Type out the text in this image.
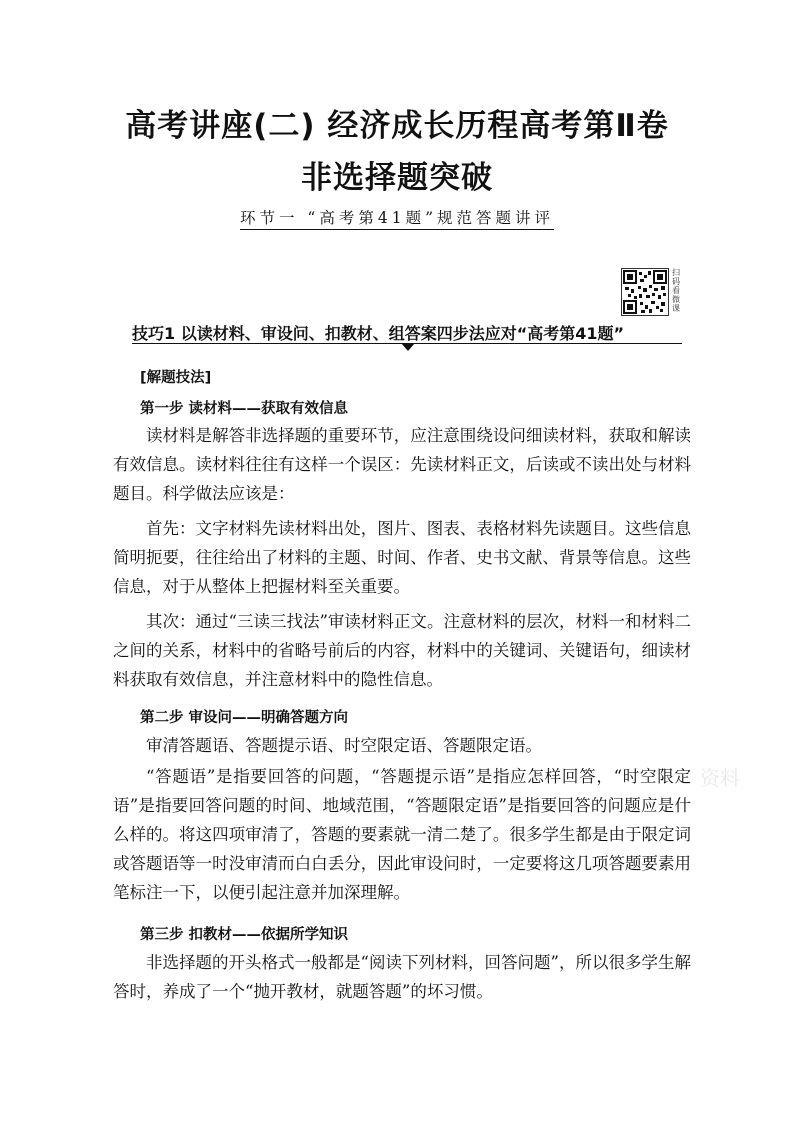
高考讲座(二) 经济成长历程高考第Ⅱ卷
非选择题突破
环节一 “高考第41题”规范答题讲评
扫码看微课
技巧1 以读材料、审设问、扣教材、组答案四步法应对“高考第41题”
[解题技法]
第一步 读材料——获取有效信息
读材料是解答非选择题的重要环节，应注意围绕设问细读材料，获取和解读有效信息。读材料往往有这样一个误区：先读材料正文，后读或不读出处与材料题目。科学做法应该是：
首先：文字材料先读材料出处，图片、图表、表格材料先读题目。这些信息简明扼要，往往给出了材料的主题、时间、作者、史书文献、背景等信息。这些信息，对于从整体上把握材料至关重要。
其次：通过“三读三找法”审读材料正文。注意材料的层次，材料一和材料二之间的关系，材料中的省略号前后的内容，材料中的关键词、关键语句，细读材料获取有效信息，并注意材料中的隐性信息。
第二步 审设问——明确答题方向
审清答题语、答题提示语、时空限定语、答题限定语。
“答题语”是指要回答的问题，“答题提示语”是指应怎样回答，“时空限定语”是指要回答问题的时间、地域范围，“答题限定语”是指要回答的问题应是什么样的。将这四项审清了，答题的要素就一清二楚了。很多学生都是由于限定词或答题语等一时没审清而白白丢分，因此审设问时，一定要将这几项答题要素用笔标注一下，以便引起注意并加深理解。
第三步 扣教材——依据所学知识
非选择题的开头格式一般都是“阅读下列材料，回答问题”，所以很多学生解答时，养成了一个“抛开教材，就题答题”的坏习惯。
资料
